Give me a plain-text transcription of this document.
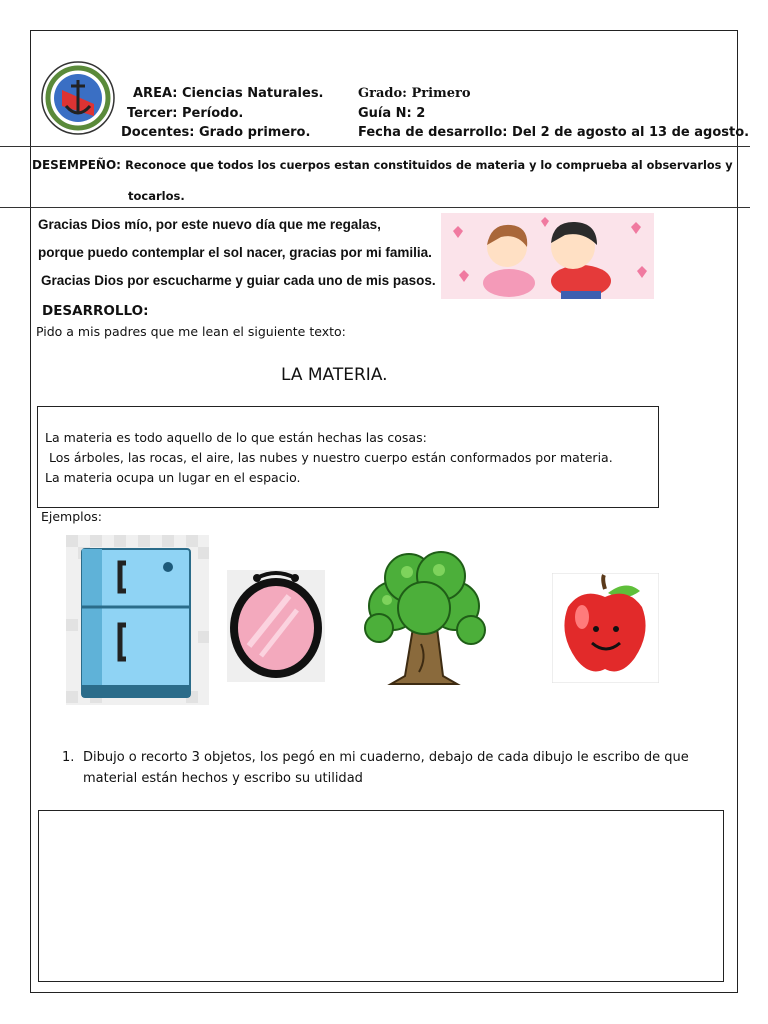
AREA: Ciencias Naturales.
Tercer: Período.
Docentes: Grado primero.
Grado: Primero
Guía N: 2
Fecha de desarrollo: Del 2 de agosto al 13 de agosto.
DESEMPEÑO: Reconoce que todos los cuerpos estan constituidos de materia y lo comprueba al observarlos y
tocarlos.
Gracias Dios mío, por este nuevo día que me regalas,
porque puedo contemplar el sol nacer, gracias por mi familia.
Gracias Dios por escucharme y guiar cada uno de mis pasos.
DESARROLLO:
Pido a mis padres que me lean el siguiente texto:
LA MATERIA.
La materia es todo aquello de lo que están hechas las cosas:
Los árboles, las rocas, el aire, las nubes y nuestro cuerpo están conformados por materia.
La materia ocupa un lugar en el espacio.
Ejemplos:
1. Dibujo o recorto 3 objetos, los pegó en mi cuaderno, debajo de cada dibujo le escribo de que
material están hechos y escribo su utilidad
